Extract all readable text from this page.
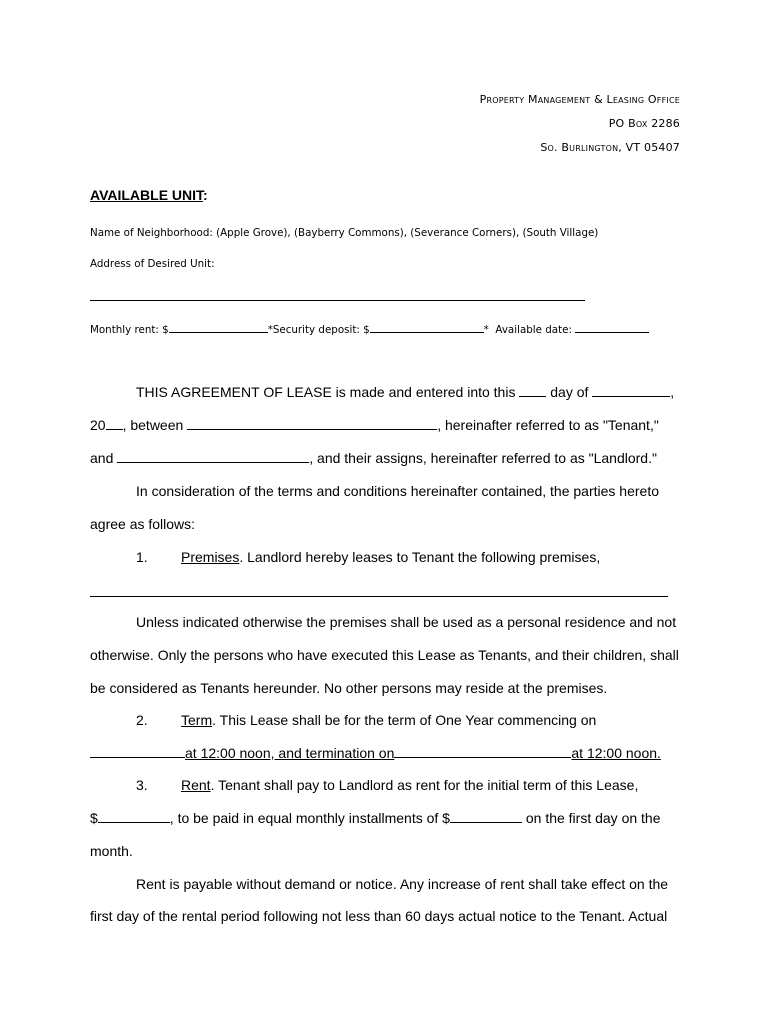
Property Management & Leasing Office
PO Box 2286
So. Burlington, VT 05407
AVAILABLE UNIT:
Name of Neighborhood: (Apple Grove), (Bayberry Commons), (Severance Corners), (South Village)
Address of Desired Unit:
Monthly rent: $	*Security deposit: $	* Available date:
THIS AGREEMENT OF LEASE is made and entered into this day of	,
20 , between	, hereinafter referred to as "Tenant,"
and	, and their assigns, hereinafter referred to as "Landlord."
In consideration of the terms and conditions hereinafter contained, the parties hereto
agree as follows:
1. Premises. Landlord hereby leases to Tenant the following premises,
Unless indicated otherwise the premises shall be used as a personal residence and not
otherwise. Only the persons who have executed this Lease as Tenants, and their children, shall
be considered as Tenants hereunder. No other persons may reside at the premises.
2. Term. This Lease shall be for the term of One Year commencing on
at 12:00 noon, and termination on	at 12:00 noon.
3. Rent. Tenant shall pay to Landlord as rent for the initial term of this Lease,
$	, to be paid in equal monthly installments of $	on the first day on the
month.
Rent is payable without demand or notice. Any increase of rent shall take effect on the
first day of the rental period following not less than 60 days actual notice to the Tenant. Actual
